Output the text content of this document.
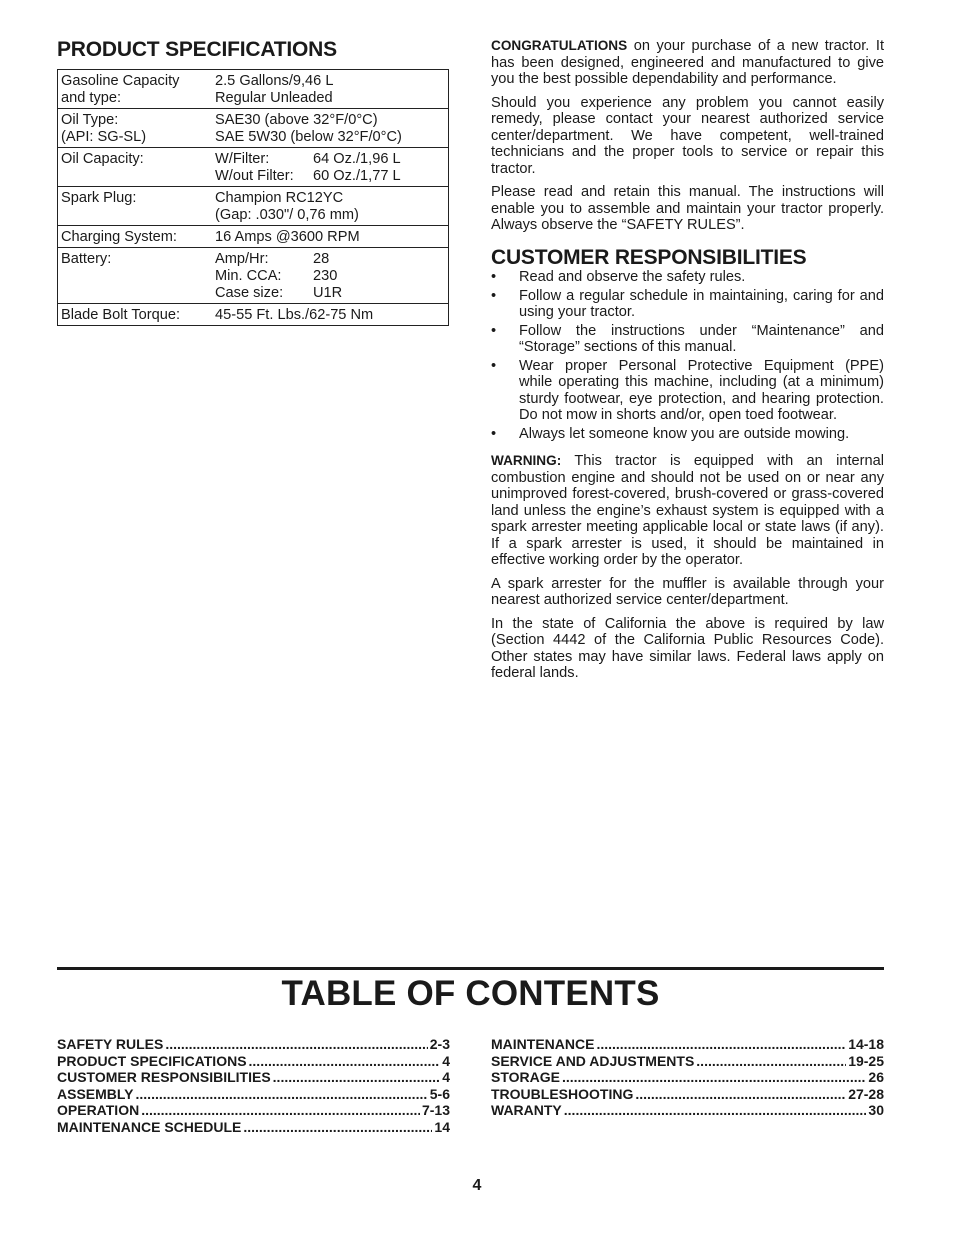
PRODUCT SPECIFICATIONS
Gasoline Capacity
and type:	2.5 Gallons/9,46 L
Regular Unleaded

Oil Type:
(API: SG-SL)	SAE30 (above 32°F/0°C)
SAE 5W30 (below 32°F/0°C)

Oil Capacity:	W/Filter: 64 Oz./1,96 L
W/out Filter: 60 Oz./1,77 L

Spark Plug:	Champion RC12YC
(Gap: .030"/ 0,76 mm)

Charging System:	16 Amps @3600 RPM

Battery:	Amp/Hr: 28
Min. CCA: 230
Case size: U1R

Blade Bolt Torque:	45-55 Ft. Lbs./62-75 Nm

CONGRATULATIONS on your purchase of a new tractor. It has been designed, engineered and manufactured to give you the best possible dependability and performance.

Should you experience any problem you cannot easily remedy, please contact your nearest authorized service center/department. We have competent, well-trained technicians and the proper tools to service or repair this tractor.

Please read and retain this manual. The instructions will enable you to assemble and maintain your tractor properly. Always observe the “SAFETY RULES”.

CUSTOMER RESPONSIBILITIES
• Read and observe the safety rules.
• Follow a regular schedule in maintaining, caring for and using your tractor.
• Follow the instructions under “Maintenance” and “Storage” sections of this manual.
• Wear proper Personal Protective Equipment (PPE) while operating this machine, including (at a minimum) sturdy footwear, eye protection, and hearing protection. Do not mow in shorts and/or, open toed footwear.
• Always let someone know you are outside mowing.

WARNING: This tractor is equipped with an internal combustion engine and should not be used on or near any unimproved forest-covered, brush-covered or grass-covered land unless the engine’s exhaust system is equipped with a spark arrester meeting applicable local or state laws (if any). If a spark arrester is used, it should be maintained in effective working order by the operator.

A spark arrester for the muffler is available through your nearest authorized service center/department.

In the state of California the above is required by law (Section 4442 of the California Public Resources Code). Other states may have similar laws. Federal laws apply on federal lands.

TABLE OF CONTENTS
SAFETY RULES .....	2-3
PRODUCT SPECIFICATIONS .....	4
CUSTOMER RESPONSIBILITIES .....	4
ASSEMBLY .....	5-6
OPERATION .....	7-13
MAINTENANCE SCHEDULE .....	14
MAINTENANCE .....	14-18
SERVICE AND ADJUSTMENTS .....	19-25
STORAGE .....	26
TROUBLESHOOTING .....	27-28
WARANTY .....	30
4
